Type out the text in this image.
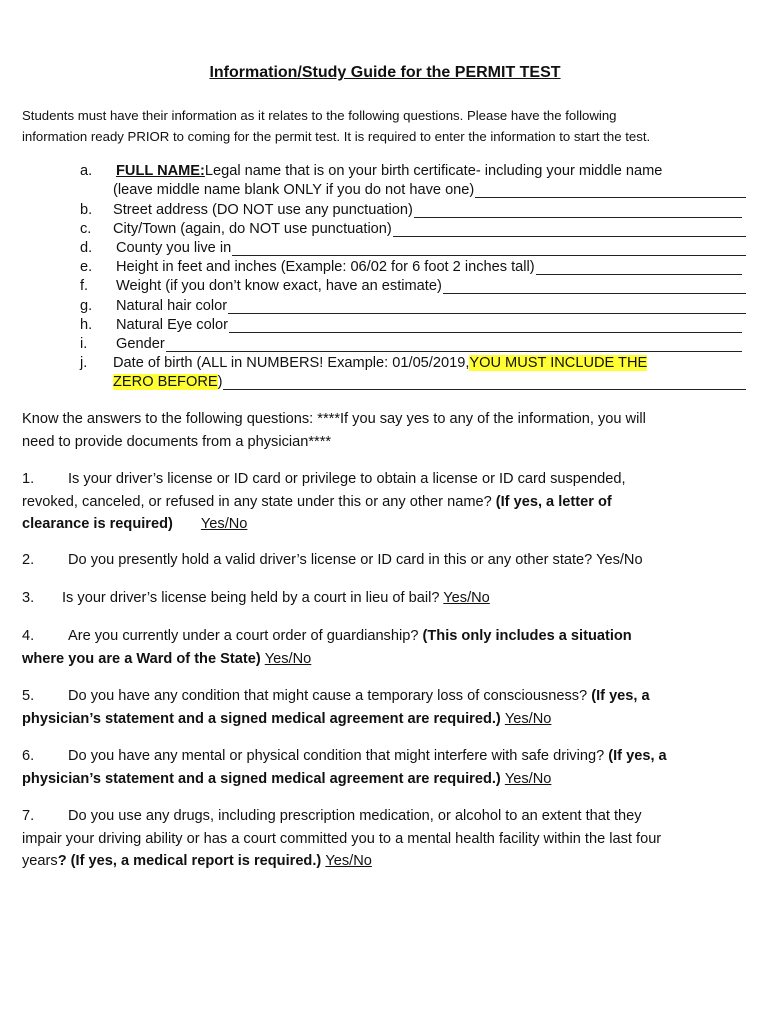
Information/Study Guide for the PERMIT TEST
Students must have their information as it relates to the following questions. Please have the following
information ready PRIOR to coming for the permit test. It is required to enter the information to start the test.
a. FULL NAME: Legal name that is on your birth certificate- including your middle name
(leave middle name blank ONLY if you do not have one)
b. Street address (DO NOT use any punctuation)
c. City/Town (again, do NOT use punctuation)
d. County you live in
e. Height in feet and inches (Example: 06/02 for 6 foot 2 inches tall)
f. Weight (if you don’t know exact, have an estimate)
g. Natural hair color
h. Natural Eye color
i. Gender
j. Date of birth (ALL in NUMBERS! Example: 01/05/2019, YOU MUST INCLUDE THE
ZERO BEFORE )
Know the answers to the following questions: ****If you say yes to any of the information, you will
need to provide documents from a physician****
1. Is your driver’s license or ID card or privilege to obtain a license or ID card suspended,
revoked, canceled, or refused in any state under this or any other name? (If yes, a letter of
clearance is required) Yes/No
2. Do you presently hold a valid driver’s license or ID card in this or any other state? Yes/No
3. Is your driver’s license being held by a court in lieu of bail? Yes/No
4. Are you currently under a court order of guardianship? (This only includes a situation
where you are a Ward of the State) Yes/No
5. Do you have any condition that might cause a temporary loss of consciousness? (If yes, a
physician’s statement and a signed medical agreement are required.) Yes/No
6. Do you have any mental or physical condition that might interfere with safe driving? (If yes, a
physician’s statement and a signed medical agreement are required.) Yes/No
7. Do you use any drugs, including prescription medication, or alcohol to an extent that they
impair your driving ability or has a court committed you to a mental health facility within the last four
years? (If yes, a medical report is required.) Yes/No
